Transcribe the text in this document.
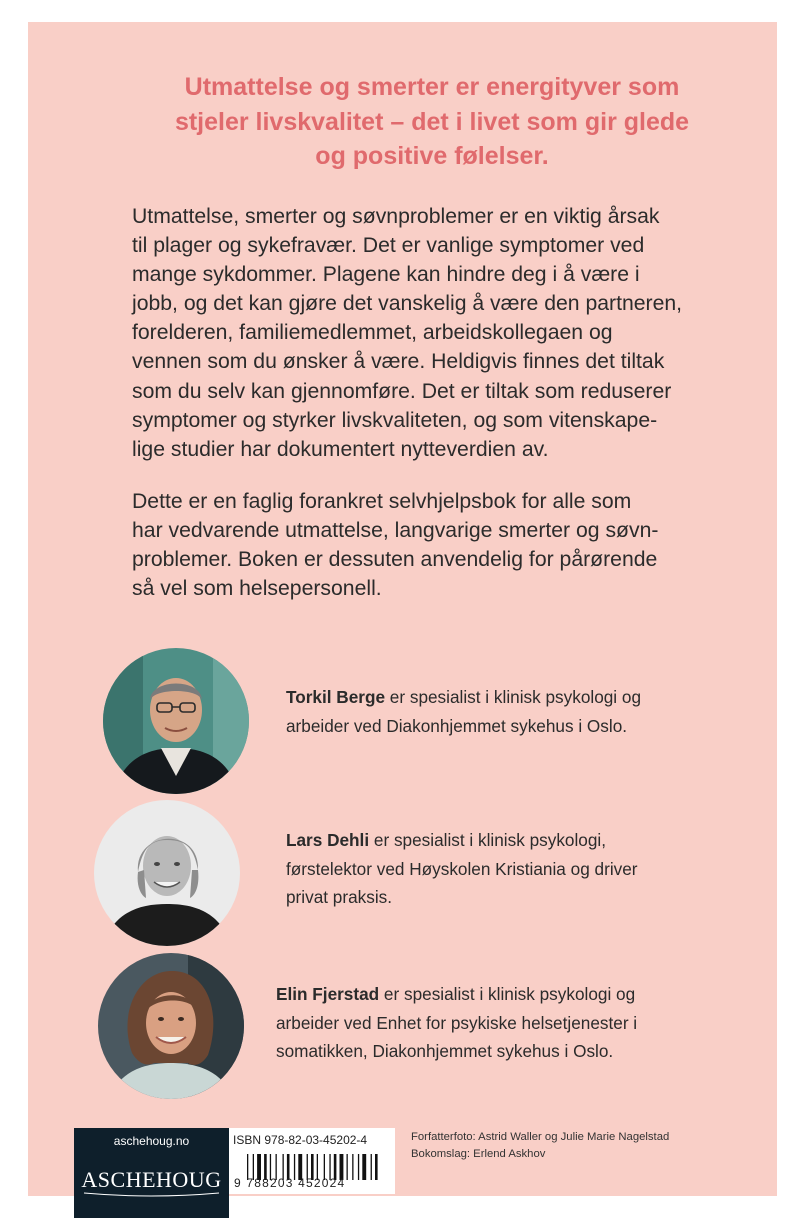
Utmattelse og smerter er energityver som
stjeler livskvalitet – det i livet som gir glede
og positive følelser.

Utmattelse, smerter og søvnproblemer er en viktig årsak
til plager og sykefravær. Det er vanlige symptomer ved
mange sykdommer. Plagene kan hindre deg i å være i
jobb, og det kan gjøre det vanskelig å være den partneren,
forelderen, familiemedlemmet, arbeidskollegaen og
vennen som du ønsker å være. Heldigvis finnes det tiltak
som du selv kan gjennomføre. Det er tiltak som reduserer
symptomer og styrker livskvaliteten, og som vitenskape-
lige studier har dokumentert nytteverdien av.

Dette er en faglig forankret selvhjelpsbok for alle som
har vedvarende utmattelse, langvarige smerter og søvn-
problemer. Boken er dessuten anvendelig for pårørende
så vel som helsepersonell.

Torkil Berge er spesialist i klinisk psykologi og
arbeider ved Diakonhjemmet sykehus i Oslo.

Lars Dehli er spesialist i klinisk psykologi,
førstelektor ved Høyskolen Kristiania og driver
privat praksis.

Elin Fjerstad er spesialist i klinisk psykologi og
arbeider ved Enhet for psykiske helsetjenester i
somatikken, Diakonhjemmet sykehus i Oslo.

aschehoug.no
ASCHEHOUG
ISBN 978-82-03-45202-4
9 788203 452024

Forfatterfoto: Astrid Waller og Julie Marie Nagelstad
Bokomslag: Erlend Askhov
